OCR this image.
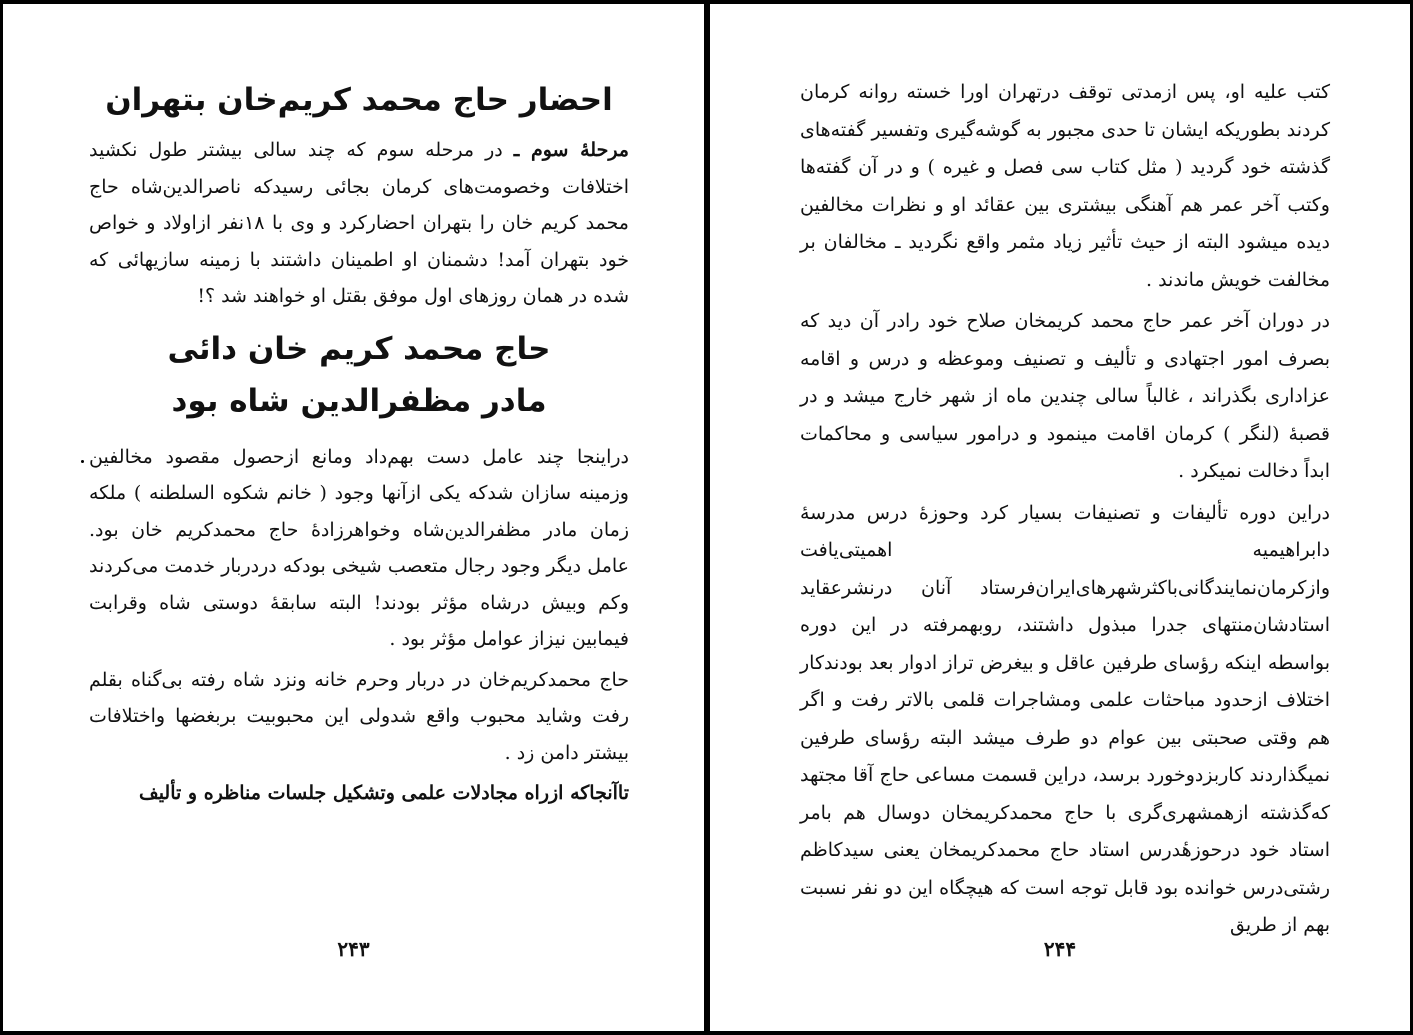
احضار حاج محمد کریم‌خان بتهران

مرحلهٔ سوم ـ در مرحله سوم که چند سالی بیشتر طول نکشید اختلافات وخصومت‌های کرمان بجائی رسیدکه ناصرالدین‌شاه حاج محمد کریم خان را بتهران احضارکرد و وی با ۱۸نفر ازاولاد و خواص خود بتهران آمد! دشمنان او اطمینان داشتند با زمینه سازیهائی که شده در همان روزهای اول موفق بقتل او خواهند شد ؟!

حاج محمد کریم خان دائی
مادر مظفرالدین شاه بود

دراینجا چند عامل دست بهم‌داد ومانع ازحصول مقصود مخالفین وزمینه سازان شدکه یکی ازآنها وجود ( خانم شکوه السلطنه ) ملکه زمان مادر مظفرالدین‌شاه وخواهرزادهٔ حاج محمدکریم خان بود. عامل دیگر وجود رجال متعصب شیخی بودکه دردربار خدمت می‌کردند وکم وبیش درشاه مؤثر بودند! البته سابقهٔ دوستی شاه وقرابت فیمابین نیزاز عوامل مؤثر بود .

حاج محمدکریم‌خان در دربار وحرم خانه ونزد شاه رفته بی‌گناه بقلم رفت وشاید محبوب واقع شدولی این محبوبیت بربغضها واختلافات بیشتر دامن زد .

تاآنجاکه ازراه مجادلات علمی وتشکیل جلسات مناظره و تألیف

۲۴۳

کتب علیه او، پس ازمدتی توقف درتهران اورا خسته روانه کرمان کردند بطوریکه ایشان تا حدی مجبور به گوشه‌گیری وتفسیر گفته‌های گذشته خود گردید ( مثل کتاب سی فصل و غیره ) و در آن گفته‌ها وکتب آخر عمر هم آهنگی بیشتری بین عقائد او و نظرات مخالفین دیده میشود البته از حیث تأثیر زیاد مثمر واقع نگردید ـ مخالفان بر مخالفت خویش ماندند .

در دوران آخر عمر حاج محمد کریمخان صلاح خود رادر آن دید که بصرف امور اجتهادی و تألیف و تصنیف وموعظه و درس و اقامه عزاداری بگذراند ، غالباً سالی چندین ماه از شهر خارج میشد و در قصبهٔ (لنگر ) کرمان اقامت مینمود و درامور سیاسی و محاکمات ابداً دخالت نمیکرد .

دراین دوره تألیفات و تصنیفات بسیار کرد وحوزهٔ درس مدرسهٔ دابراهیمیه اهمیتی‌یافت وازکرمان‌نمایندگانی‌باکثرشهرهای‌ایران‌فرستاد آنان درنشرعقاید استادشان‌منتهای جدرا مبذول داشتند، روبهمرفته در این دوره بواسطه اینکه رؤسای طرفین عاقل و بیغرض تراز ادوار بعد بودندکار اختلاف ازحدود مباحثات علمی ومشاجرات قلمی بالاتر رفت و اگر هم وقتی صحبتی بین عوام دو طرف میشد البته رؤسای طرفین نمیگذاردند کاربزدوخورد برسد، دراین قسمت مساعی حاج آقا مجتهد که‌گذشته ازهمشهری‌گری با حاج محمدکریمخان دوسال هم بامر استاد خود درحوزهٔدرس استاد حاج محمدکریمخان یعنی سیدکاظم رشتی‌درس خوانده بود قابل توجه است که هیچگاه این دو نفر نسبت بهم از طریق

۲۴۴
